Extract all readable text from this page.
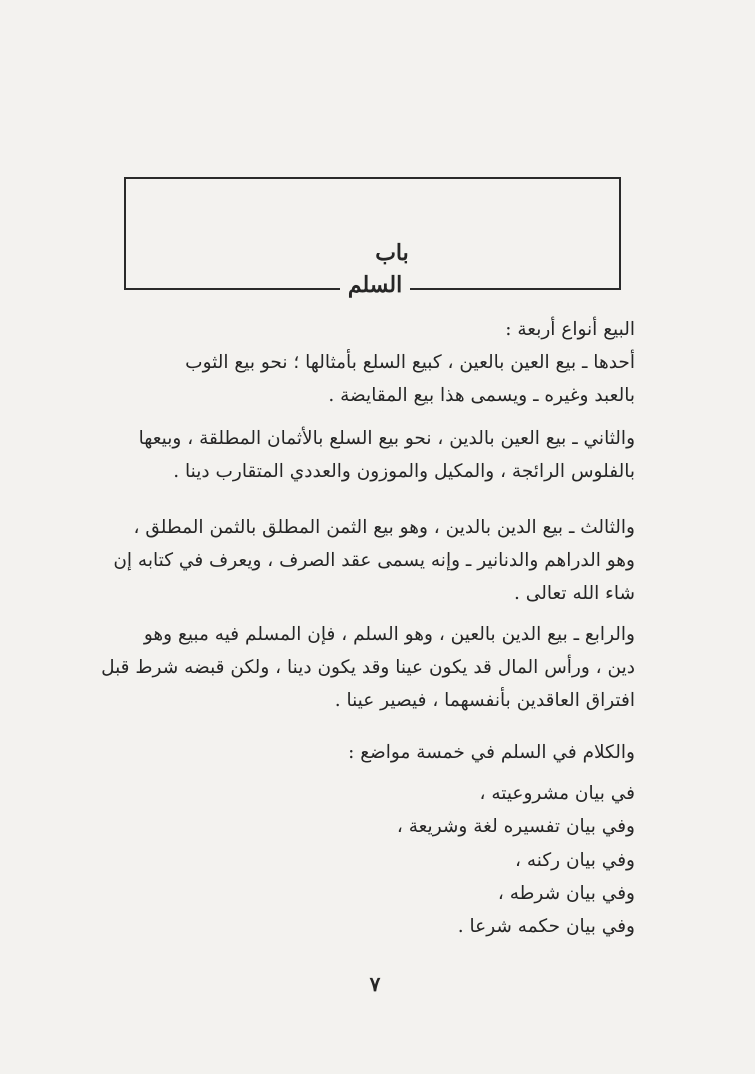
باب
السلم
البيع أنواع أربعة :
أحدها ـ بيع العين بالعين ، كبيع السلع بأمثالها ؛ نحو بيع الثوب
بالعبد وغيره ـ ويسمى هذا بيع المقايضة .
والثاني ـ بيع العين بالدين ، نحو بيع السلع بالأثمان المطلقة ، وبيعها
بالفلوس الرائجة ، والمكيل والموزون والعددي المتقارب دينا .
والثالث ـ بيع الدين بالدين ، وهو بيع الثمن المطلق بالثمن المطلق ،
وهو الدراهم والدنانير ـ وإنه يسمى عقد الصرف ، ويعرف في كتابه إن
شاء الله تعالى .
والرابع ـ بيع الدين بالعين ، وهو السلم ، فإن المسلم فيه مبيع وهو
دين ، ورأس المال قد يكون عينا وقد يكون دينا ، ولكن قبضه شرط قبل
افتراق العاقدين بأنفسهما ، فيصير عينا .
والكلام في السلم في خمسة مواضع :
في بيان مشروعيته ،
وفي بيان تفسيره لغة وشريعة ،
وفي بيان ركنه ،
وفي بيان شرطه ،
وفي بيان حكمه شرعا .
٧
